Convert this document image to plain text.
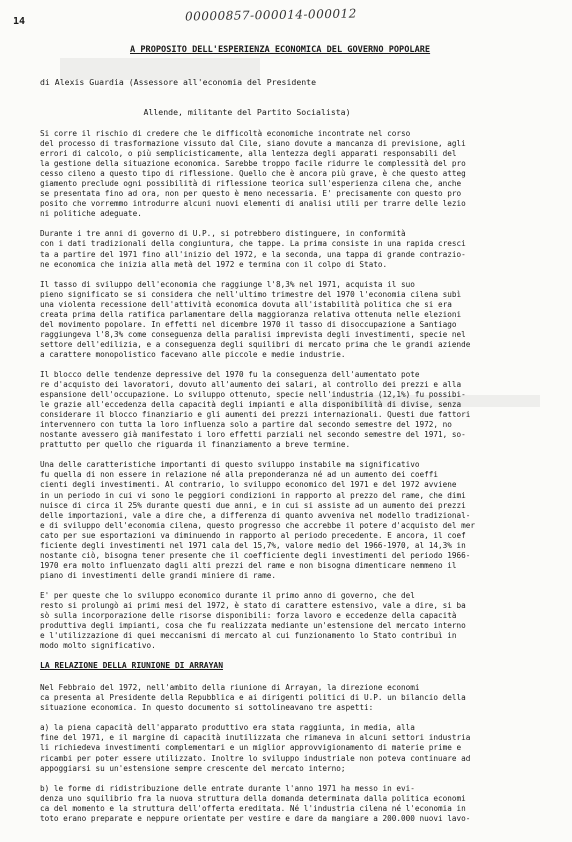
14	00000857-000014-000012
A PROPOSITO DELL'ESPERIENZA ECONOMICA DEL GOVERNO POPOLARE

di Alexis Guardia (Assessore all'economia del Presidente

Allende, militante del Partito Socialista)

Si corre il rischio di credere che le difficoltà economiche incontrate nel corso
del processo di trasformazione vissuto dal Cile, siano dovute a mancanza di previsione, agli
errori di calcolo, o più semplicisticamente, alla lentezza degli apparati responsabili del
la gestione della situazione economica. Sarebbe troppo facile ridurre le complessità del pro
cesso cileno a questo tipo di riflessione. Quello che è ancora più grave, è che questo atteg
giamento preclude ogni possibilità di riflessione teorica sull'esperienza cilena che, anche
se presentata fino ad ora, non per questo è meno necessaria. E' precisamente con questo pro
posito che vorremmo introdurre alcuni nuovi elementi di analisi utili per trarre delle lezio
ni politiche adeguate.
Durante i tre anni di governo di U.P., si potrebbero distinguere, in conformità
con i dati tradizionali della congiuntura, che tappe. La prima consiste in una rapida cresci
ta a partire del 1971 fino all'inizio del 1972, e la seconda, una tappa di grande contrazio-
ne economica che inizia alla metà del 1972 e termina con il colpo di Stato.
Il tasso di sviluppo dell'economia che raggiunge l'8,3% nel 1971, acquista il suo
pieno significato se si considera che nell'ultimo trimestre del 1970 l'economia cilena subì
una violenta recessione dell'attività economica dovuta all'istabilità politica che si era
creata prima della ratifica parlamentare della maggioranza relativa ottenuta nelle elezioni
del movimento popolare. In effetti nel dicembre 1970 il tasso di disoccupazione a Santiago
raggiungeva l'8,3% come conseguenza della paralisi imprevista degli investimenti, specie nel
settore dell'edilizia, e a conseguenza degli squilibri di mercato prima che le grandi aziende
a carattere monopolistico facevano alle piccole e medie industrie.
Il blocco delle tendenze depressive del 1970 fu la conseguenza dell'aumentato pote
re d'acquisto dei lavoratori, dovuto all'aumento dei salari, al controllo dei prezzi e alla
espansione dell'occupazione. Lo sviluppo ottenuto, specie nell'industria (12,1%) fu possibi-
le grazie all'eccedenza della capacità degli impianti e alla disponibilità di divise, senza
considerare il blocco finanziario e gli aumenti dei prezzi internazionali. Questi due fattori
intervennero con tutta la loro influenza solo a partire dal secondo semestre del 1972, no
nostante avessero già manifestato i loro effetti parziali nel secondo semestre del 1971, so-
prattutto per quello che riguarda il finanziamento a breve termine.
Una delle caratteristiche importanti di questo sviluppo instabile ma significativo
fu quella di non essere in relazione né alla preponderanza né ad un aumento dei coeffi
cienti degli investimenti. Al contrario, lo sviluppo economico del 1971 e del 1972 avviene
in un periodo in cui vi sono le peggiori condizioni in rapporto al prezzo del rame, che dimi
nuisce di circa il 25% durante questi due anni, e in cui si assiste ad un aumento dei prezzi
delle importazioni, vale a dire che, a differenza di quanto avveniva nel modello tradizional-
e di sviluppo dell'economia cilena, questo progresso che accrebbe il potere d'acquisto del mer
cato per sue esportazioni va diminuendo in rapporto al periodo precedente. E ancora, il coef
ficiente degli investimenti nel 1971 cala del 15,7%, valore medio del 1966-1970, al 14,3% in
nostante ciò, bisogna tener presente che il coefficiente degli investimenti del periodo 1966-
1970 era molto influenzato dagli alti prezzi del rame e non bisogna dimenticare nemmeno il
piano di investimenti delle grandi miniere di rame.
E' per queste che lo sviluppo economico durante il primo anno di governo, che del
resto si prolungò ai primi mesi del 1972, è stato di carattere estensivo, vale a dire, si ba
sò sulla incorporazione delle risorse disponibili: forza lavoro e eccedenze della capacità
produttiva degli impianti, cosa che fu realizzata mediante un'estensione del mercato interno
e l'utilizzazione di quei meccanismi di mercato al cui funzionamento lo Stato contribuì in
modo molto significativo.
LA RELAZIONE DELLA RIUNIONE DI ARRAYAN
Nel Febbraio del 1972, nell'ambito della riunione di Arrayan, la direzione economi
ca presenta al Presidente della Repubblica e ai dirigenti politici di U.P. un bilancio della
situazione economica. In questo documento si sottolineavano tre aspetti:
a) la piena capacità dell'apparato produttivo era stata raggiunta, in media, alla
fine del 1971, e il margine di capacità inutilizzata che rimaneva in alcuni settori industria
li richiedeva investimenti complementari e un miglior approvvigionamento di materie prime e
ricambi per poter essere utilizzato. Inoltre lo sviluppo industriale non poteva continuare ad
appoggiarsi su un'estensione sempre crescente del mercato interno;
b) le forme di ridistribuzione delle entrate durante l'anno 1971 ha messo in evi-
denza uno squilibrio fra la nuova struttura della domanda determinata dalla politica economi
ca del momento e la struttura dell'offerta ereditata. Né l'industria cilena né l'economia in
toto erano preparate e neppure orientate per vestire e dare da mangiare a 200.000 nuovi lavo-
